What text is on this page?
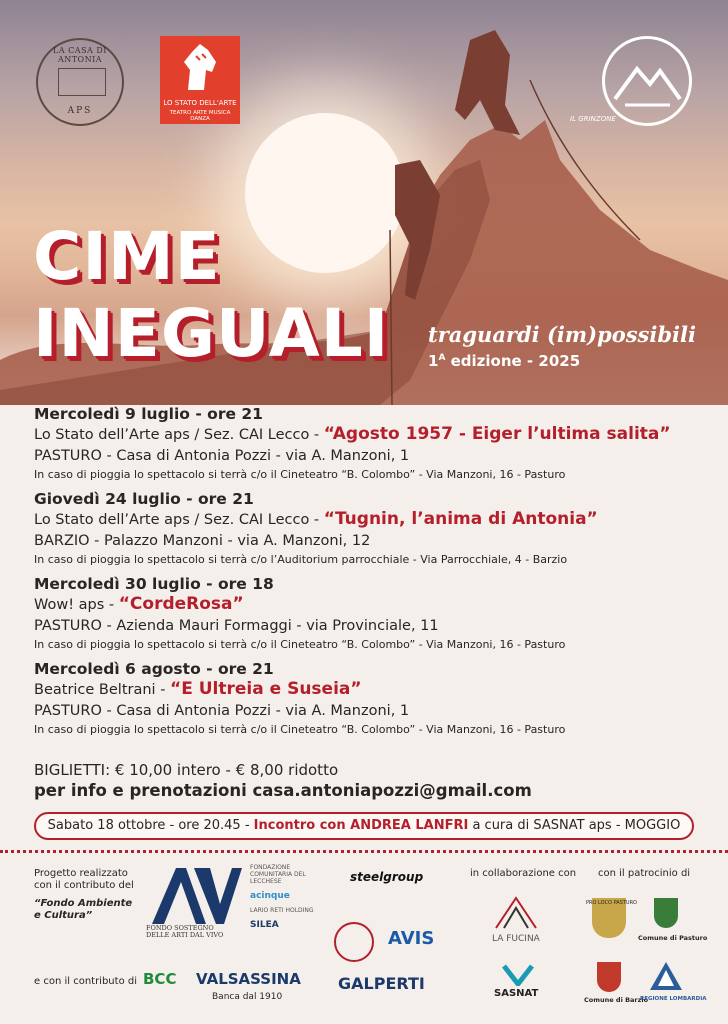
LA CASA DI ANTONIA
APS
LO STATO DELL'ARTE
TEATRO ARTE MUSICA DANZA	IL GRINZONE
CIME
INEGUALI traguardi (im)possibili
$1^A$ edizione - 2025
Mercoledì 9 luglio - ore 21
Lo Stato dell’Arte aps / Sez. CAI Lecco - “Agosto 1957 - Eiger l’ultima salita”
PASTURO - Casa di Antonia Pozzi - via A. Manzoni, 1
In caso di pioggia lo spettacolo si terrà c/o il Cineteatro “B. Colombo” - Via Manzoni, 16 - Pasturo
Giovedì 24 luglio - ore 21
Lo Stato dell’Arte aps / Sez. CAI Lecco - “Tugnin, l’anima di Antonia”
BARZIO - Palazzo Manzoni - via A. Manzoni, 12
In caso di pioggia lo spettacolo si terrà c/o l’Auditorium parrocchiale - Via Parrocchiale, 4 - Barzio
Mercoledì 30 luglio - ore 18
Wow! aps - “CordeRosa”
PASTURO - Azienda Mauri Formaggi - via Provinciale, 11
In caso di pioggia lo spettacolo si terrà c/o il Cineteatro “B. Colombo” - Via Manzoni, 16 - Pasturo
Mercoledì 6 agosto - ore 21
Beatrice Beltrani - “E Ultreia e Suseia”
PASTURO - Casa di Antonia Pozzi - via A. Manzoni, 1
In caso di pioggia lo spettacolo si terrà c/o il Cineteatro “B. Colombo” - Via Manzoni, 16 - Pasturo
BIGLIETTI: € 10,00 intero - € 8,00 ridotto
per info e prenotazioni casa.antoniapozzi@gmail.com
Sabato 18 ottobre - ore 20.45 - Incontro con ANDREA LANFRI a cura di SASNAT aps - MOGGIO
Progetto realizzato con il contributo del
“Fondo Ambiente e Cultura”
e con il contributo di
in collaborazione con con il patrocinio di
FONDO SOSTEGNO DELLE ARTI DAL VIVO
FONDAZIONE COMUNITARIA DEL LECCHESE
acinque
LARIO RETI HOLDING
SILEA
BCC VALSASSINA
Banca dal 1910
steelgroup
AVIS
GALPERTI
LA FUCINA
SASNAT
PRO LOCO PASTURO
Comune di Pasturo
Comune di Barzio
REGIONE LOMBARDIA
